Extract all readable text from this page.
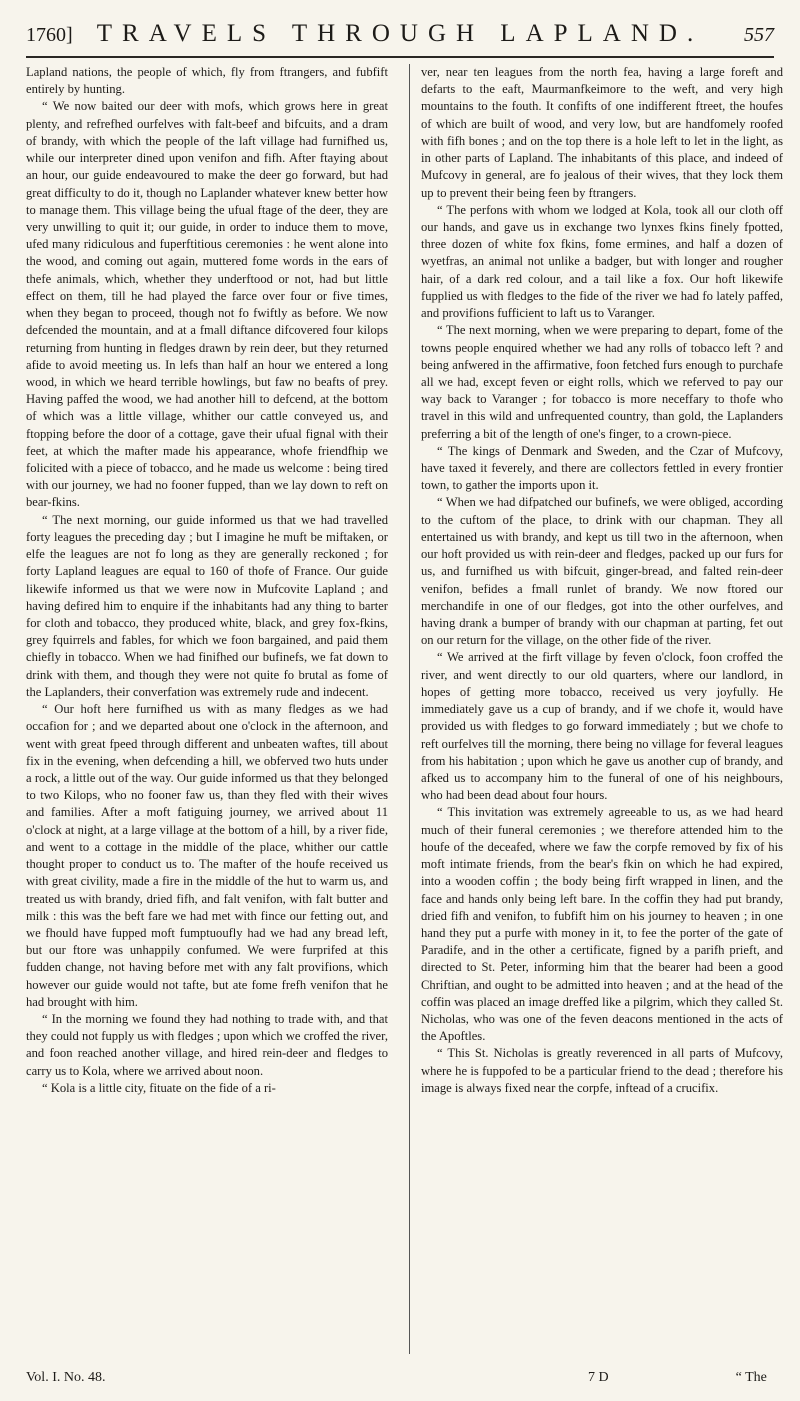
1760] TRAVELS THROUGH LAPLAND.	557

Lapland nations, the people of which, fly from ftrangers, and fubfift entirely by hunting.

“ We now baited our deer with mofs, which grows here in great plenty, and refrefhed ourfelves with falt-beef and bifcuits, and a dram of brandy, with which the people of the laft village had furnifhed us, while our interpreter dined upon venifon and fifh. After ftaying about an hour, our guide endeavoured to make the deer go forward, but had great difficulty to do it, though no Laplander whatever knew better how to manage them. This village being the ufual ftage of the deer, they are very unwilling to quit it; our guide, in order to induce them to move, ufed many ridiculous and fuperftitious ceremonies : he went alone into the wood, and coming out again, muttered fome words in the ears of thefe animals, which, whether they underftood or not, had but little effect on them, till he had played the farce over four or five times, when they began to proceed, though not fo fwiftly as before. We now defcended the mountain, and at a fmall diftance difcovered four kilops returning from hunting in fledges drawn by rein deer, but they returned afide to avoid meeting us. In lefs than half an hour we entered a long wood, in which we heard terrible howlings, but faw no beafts of prey. Having paffed the wood, we had another hill to defcend, at the bottom of which was a little village, whither our cattle conveyed us, and ftopping before the door of a cottage, gave their ufual fignal with their feet, at which the mafter made his appearance, whofe friendfhip we folicited with a piece of tobacco, and he made us welcome : being tired with our journey, we had no fooner fupped, than we lay down to reft on bear-fkins.

“ The next morning, our guide informed us that we had travelled forty leagues the preceding day ; but I imagine he muft be miftaken, or elfe the leagues are not fo long as they are generally reckoned ; for forty Lapland leagues are equal to 160 of thofe of France. Our guide likewife informed us that we were now in Mufcovite Lapland ; and having defired him to enquire if the inhabitants had any thing to barter for cloth and tobacco, they produced white, black, and grey fox-fkins, grey fquirrels and fables, for which we foon bargained, and paid them chiefly in tobacco. When we had finifhed our bufinefs, we fat down to drink with them, and though they were not quite fo brutal as fome of the Laplanders, their converfation was extremely rude and indecent.

“ Our hoft here furnifhed us with as many fledges as we had occafion for ; and we departed about one o'clock in the afternoon, and went with great fpeed through different and unbeaten waftes, till about fix in the evening, when defcending a hill, we obferved two huts under a rock, a little out of the way. Our guide informed us that they belonged to two Kilops, who no fooner faw us, than they fled with their wives and families. After a moft fatiguing journey, we arrived about 11 o'clock at night, at a large village at the bottom of a hill, by a river fide, and went to a cottage in the middle of the place, whither our cattle thought proper to conduct us to. The mafter of the houfe received us with great civility, made a fire in the middle of the hut to warm us, and treated us with brandy, dried fifh, and falt venifon, with falt butter and milk : this was the beft fare we had met with fince our fetting out, and we fhould have fupped moft fumptuoufly had we had any bread left, but our ftore was unhappily confumed. We were furprifed at this fudden change, not having before met with any falt provifions, which however our guide would not tafte, but ate fome frefh venifon that he had brought with him.

“ In the morning we found they had nothing to trade with, and that they could not fupply us with fledges ; upon which we croffed the river, and foon reached another village, and hired rein-deer and fledges to carry us to Kola, where we arrived about noon.

“ Kola is a little city, fituate on the fide of a ri-

ver, near ten leagues from the north fea, having a large foreft and defarts to the eaft, Maurmanfkeimore to the weft, and very high mountains to the fouth. It confifts of one indifferent ftreet, the houfes of which are built of wood, and very low, but are handfomely roofed with fifh bones ; and on the top there is a hole left to let in the light, as in other parts of Lapland. The inhabitants of this place, and indeed of Mufcovy in general, are fo jealous of their wives, that they lock them up to prevent their being feen by ftrangers.

“ The perfons with whom we lodged at Kola, took all our cloth off our hands, and gave us in exchange two lynxes fkins finely fpotted, three dozen of white fox fkins, fome ermines, and half a dozen of wyetfras, an animal not unlike a badger, but with longer and rougher hair, of a dark red colour, and a tail like a fox. Our hoft likewife fupplied us with fledges to the fide of the river we had fo lately paffed, and provifions fufficient to laft us to Varanger.

“ The next morning, when we were preparing to depart, fome of the towns people enquired whether we had any rolls of tobacco left ? and being anfwered in the affirmative, foon fetched furs enough to purchafe all we had, except feven or eight rolls, which we referved to pay our way back to Varanger ; for tobacco is more neceffary to thofe who travel in this wild and unfrequented country, than gold, the Laplanders preferring a bit of the length of one's finger, to a crown-piece.

“ The kings of Denmark and Sweden, and the Czar of Mufcovy, have taxed it feverely, and there are collectors fettled in every frontier town, to gather the imports upon it.

“ When we had difpatched our bufinefs, we were obliged, according to the cuftom of the place, to drink with our chapman. They all entertained us with brandy, and kept us till two in the afternoon, when our hoft provided us with rein-deer and fledges, packed up our furs for us, and furnifhed us with bifcuit, ginger-bread, and falted rein-deer venifon, befides a fmall runlet of brandy. We now ftored our merchandife in one of our fledges, got into the other ourfelves, and having drank a bumper of brandy with our chapman at parting, fet out on our return for the village, on the other fide of the river.

“ We arrived at the firft village by feven o'clock, foon croffed the river, and went directly to our old quarters, where our landlord, in hopes of getting more tobacco, received us very joyfully. He immediately gave us a cup of brandy, and if we chofe it, would have provided us with fledges to go forward immediately ; but we chofe to reft ourfelves till the morning, there being no village for feveral leagues from his habitation ; upon which he gave us another cup of brandy, and afked us to accompany him to the funeral of one of his neighbours, who had been dead about four hours.

“ This invitation was extremely agreeable to us, as we had heard much of their funeral ceremonies ; we therefore attended him to the houfe of the deceafed, where we faw the corpfe removed by fix of his moft intimate friends, from the bear's fkin on which he had expired, into a wooden coffin ; the body being firft wrapped in linen, and the face and hands only being left bare. In the coffin they had put brandy, dried fifh and venifon, to fubfift him on his journey to heaven ; in one hand they put a purfe with money in it, to fee the porter of the gate of Paradife, and in the other a certificate, figned by a parifh prieft, and directed to St. Peter, informing him that the bearer had been a good Chriftian, and ought to be admitted into heaven ; and at the head of the coffin was placed an image dreffed like a pilgrim, which they called St. Nicholas, who was one of the feven deacons mentioned in the acts of the Apoftles.

“ This St. Nicholas is greatly reverenced in all parts of Mufcovy, where he is fuppofed to be a particular friend to the dead ; therefore his image is always fixed near the corpfe, inftead of a crucifix.

Vol. I. No. 48.	7 D	“ The
